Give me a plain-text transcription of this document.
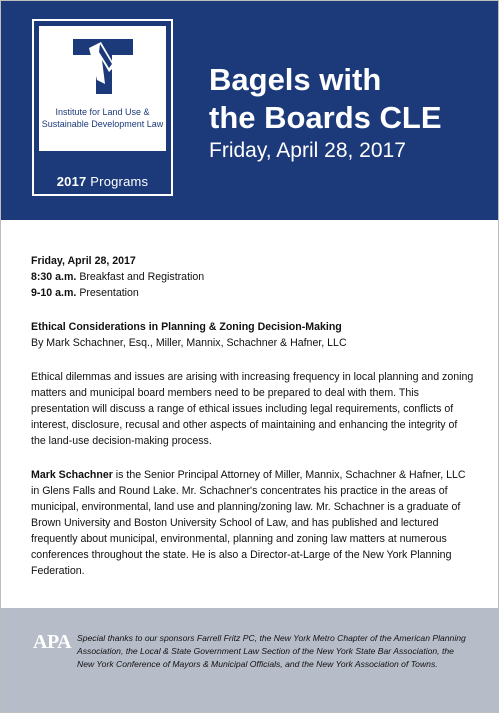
Institute for Land Use &
Sustainable Development Law
2017 Programs
Bagels with
the Boards CLE
Friday, April 28, 2017

Friday, April 28, 2017

8:30 a.m. Breakfast and Registration

9-10 a.m. Presentation

Ethical Considerations in Planning & Zoning Decision-Making

By Mark Schachner, Esq., Miller, Mannix, Schachner & Hafner, LLC

Ethical dilemmas and issues are arising with increasing frequency in local planning and zoning matters and municipal board members need to be prepared to deal with them. This presentation will discuss a range of ethical issues including legal requirements, conflicts of interest, disclosure, recusal and other aspects of maintaining and enhancing the integrity of the land-use decision-making process.

Mark Schachner is the Senior Principal Attorney of Miller, Mannix, Schachner & Hafner, LLC in Glens Falls and Round Lake. Mr. Schachner's concentrates his practice in the areas of municipal, environmental, land use and planning/zoning law. Mr. Schachner is a graduate of Brown University and Boston University School of Law, and has published and lectured frequently about municipal, environmental, planning and zoning law matters at numerous conferences throughout the state. He is also a Director-at-Large of the New York Planning Federation.

APA Special thanks to our sponsors Farrell Fritz PC, the New York Metro Chapter of the American Planning Association, the Local & State Government Law Section of the New York State Bar Association, the New York Conference of Mayors & Municipal Officials, and the New York Association of Towns.
